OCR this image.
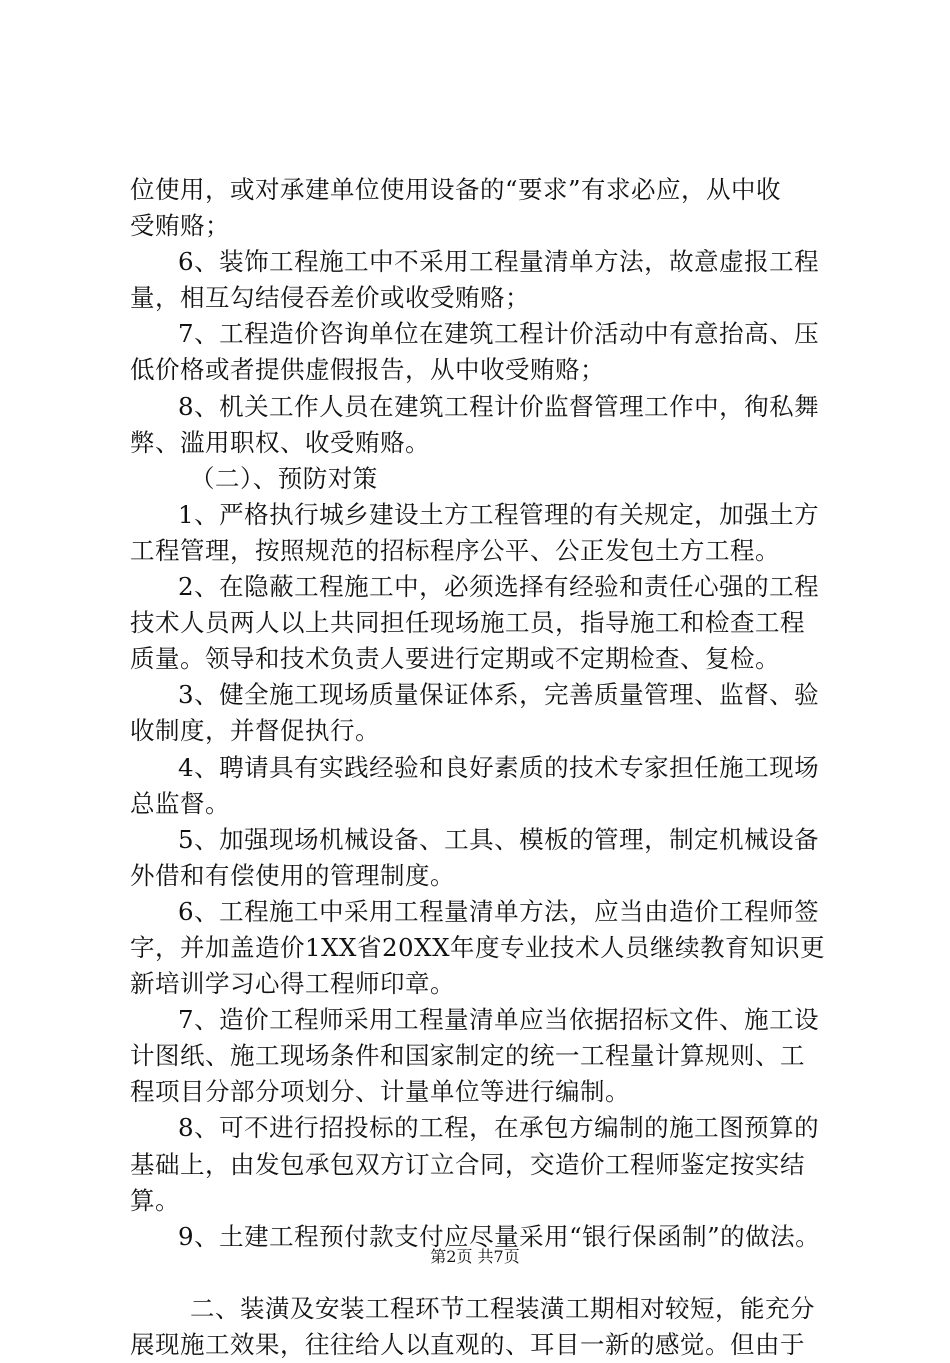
位使用，或对承建单位使用设备的“要求”有求必应，从中收
受贿赂；
6、装饰工程施工中不采用工程量清单方法，故意虚报工程
量，相互勾结侵吞差价或收受贿赂；
7、工程造价咨询单位在建筑工程计价活动中有意抬高、压
低价格或者提供虚假报告，从中收受贿赂；
8、机关工作人员在建筑工程计价监督管理工作中，徇私舞
弊、滥用职权、收受贿赂。
（二）、预防对策
1、严格执行城乡建设土方工程管理的有关规定，加强土方
工程管理，按照规范的招标程序公平、公正发包土方工程。
2、在隐蔽工程施工中，必须选择有经验和责任心强的工程
技术人员两人以上共同担任现场施工员，指导施工和检查工程
质量。领导和技术负责人要进行定期或不定期检查、复检。
3、健全施工现场质量保证体系，完善质量管理、监督、验
收制度，并督促执行。
4、聘请具有实践经验和良好素质的技术专家担任施工现场
总监督。
5、加强现场机械设备、工具、模板的管理，制定机械设备
外借和有偿使用的管理制度。
6、工程施工中采用工程量清单方法，应当由造价工程师签
字，并加盖造价1XX省20XX年度专业技术人员继续教育知识更
新培训学习心得工程师印章。
7、造价工程师采用工程量清单应当依据招标文件、施工设
计图纸、施工现场条件和国家制定的统一工程量计算规则、工
程项目分部分项划分、计量单位等进行编制。
8、可不进行招投标的工程，在承包方编制的施工图预算的
基础上，由发包承包双方订立合同，交造价工程师鉴定按实结
算。
9、土建工程预付款支付应尽量采用“银行保函制”的做法。
二、装潢及安装工程环节工程装潢工期相对较短，能充分
展现施工效果，往往给人以直观的、耳目一新的感觉。但由于
第2页 共7页
